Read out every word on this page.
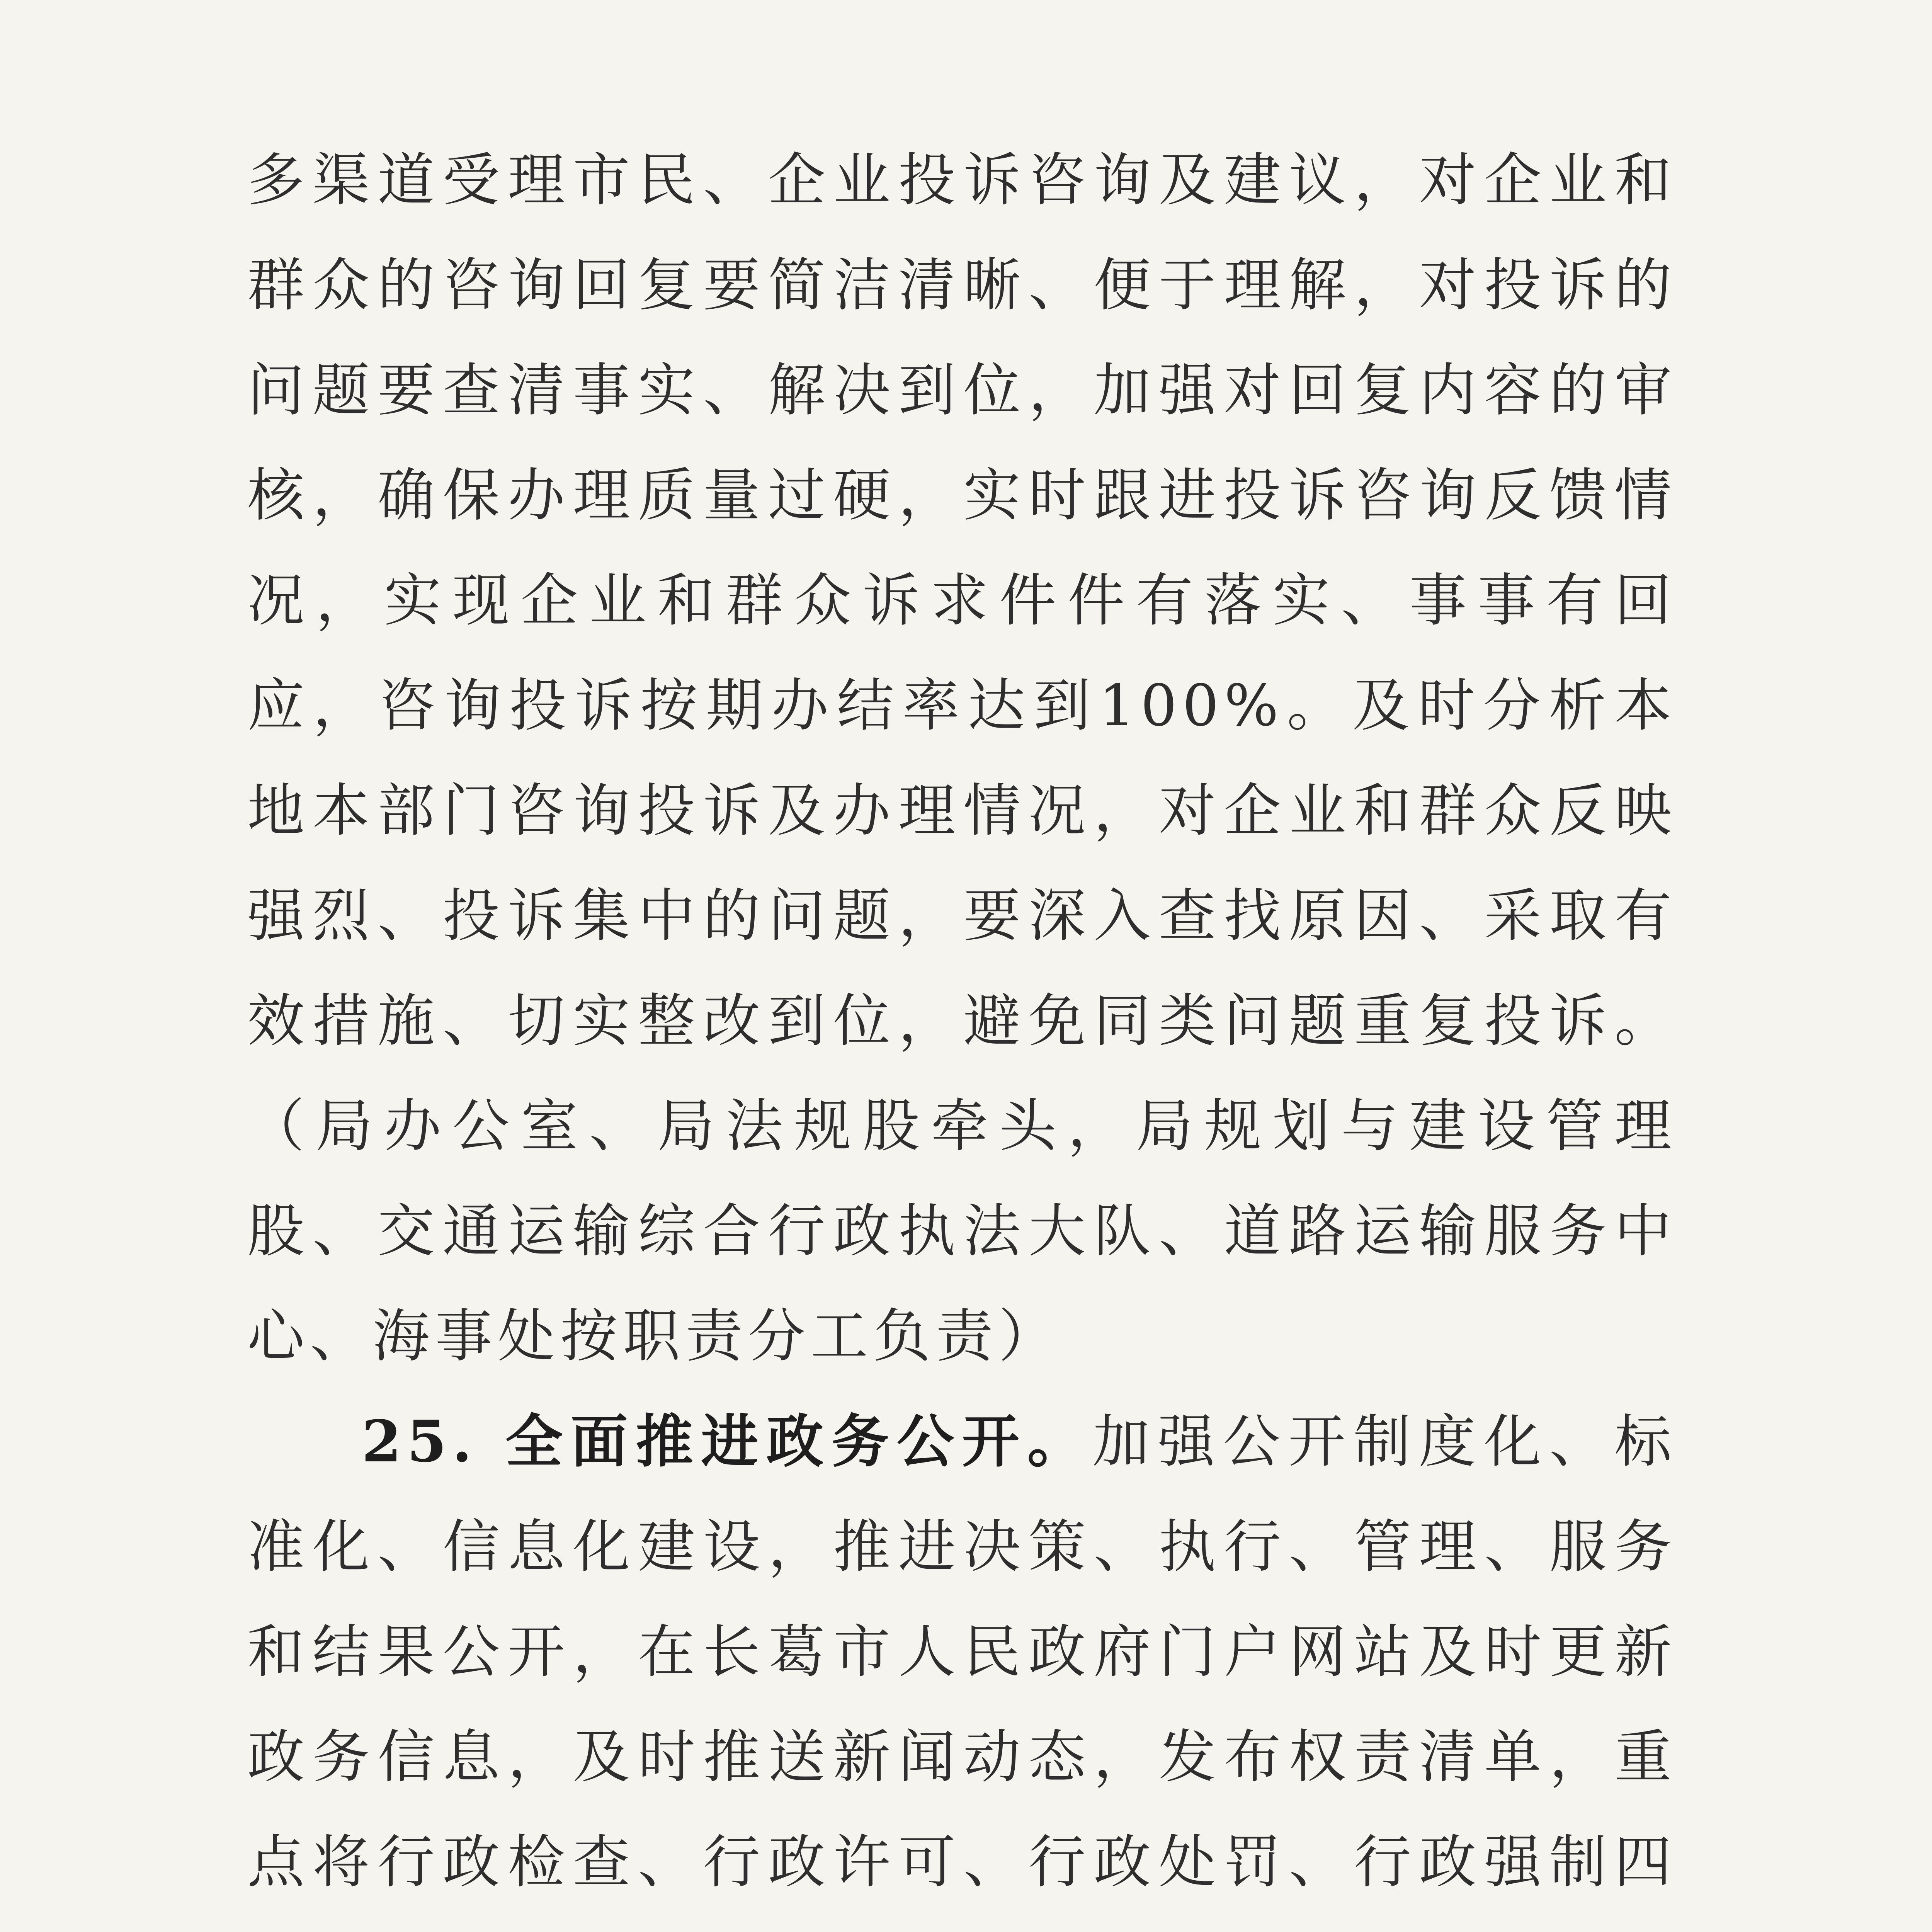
多渠道受理市民、企业投诉咨询及建议，对企业和群众的咨询回复要简洁清晰、便于理解，对投诉的问题要查清事实、解决到位，加强对回复内容的审核，确保办理质量过硬，实时跟进投诉咨询反馈情况，实现企业和群众诉求件件有落实、事事有回应，咨询投诉按期办结率达到100%。及时分析本地本部门咨询投诉及办理情况，对企业和群众反映强烈、投诉集中的问题，要深入查找原因、采取有效措施、切实整改到位，避免同类问题重复投诉。（局办公室、局法规股牵头，局规划与建设管理股、交通运输综合行政执法大队、道路运输服务中心、海事处按职责分工负责）

25. 全面推进政务公开。加强公开制度化、标准化、信息化建设，推进决策、执行、管理、服务和结果公开，在长葛市人民政府门户网站及时更新政务信息，及时推送新闻动态，发布权责清单，重点将行政检查、行政许可、行政处罚、行政强制四
